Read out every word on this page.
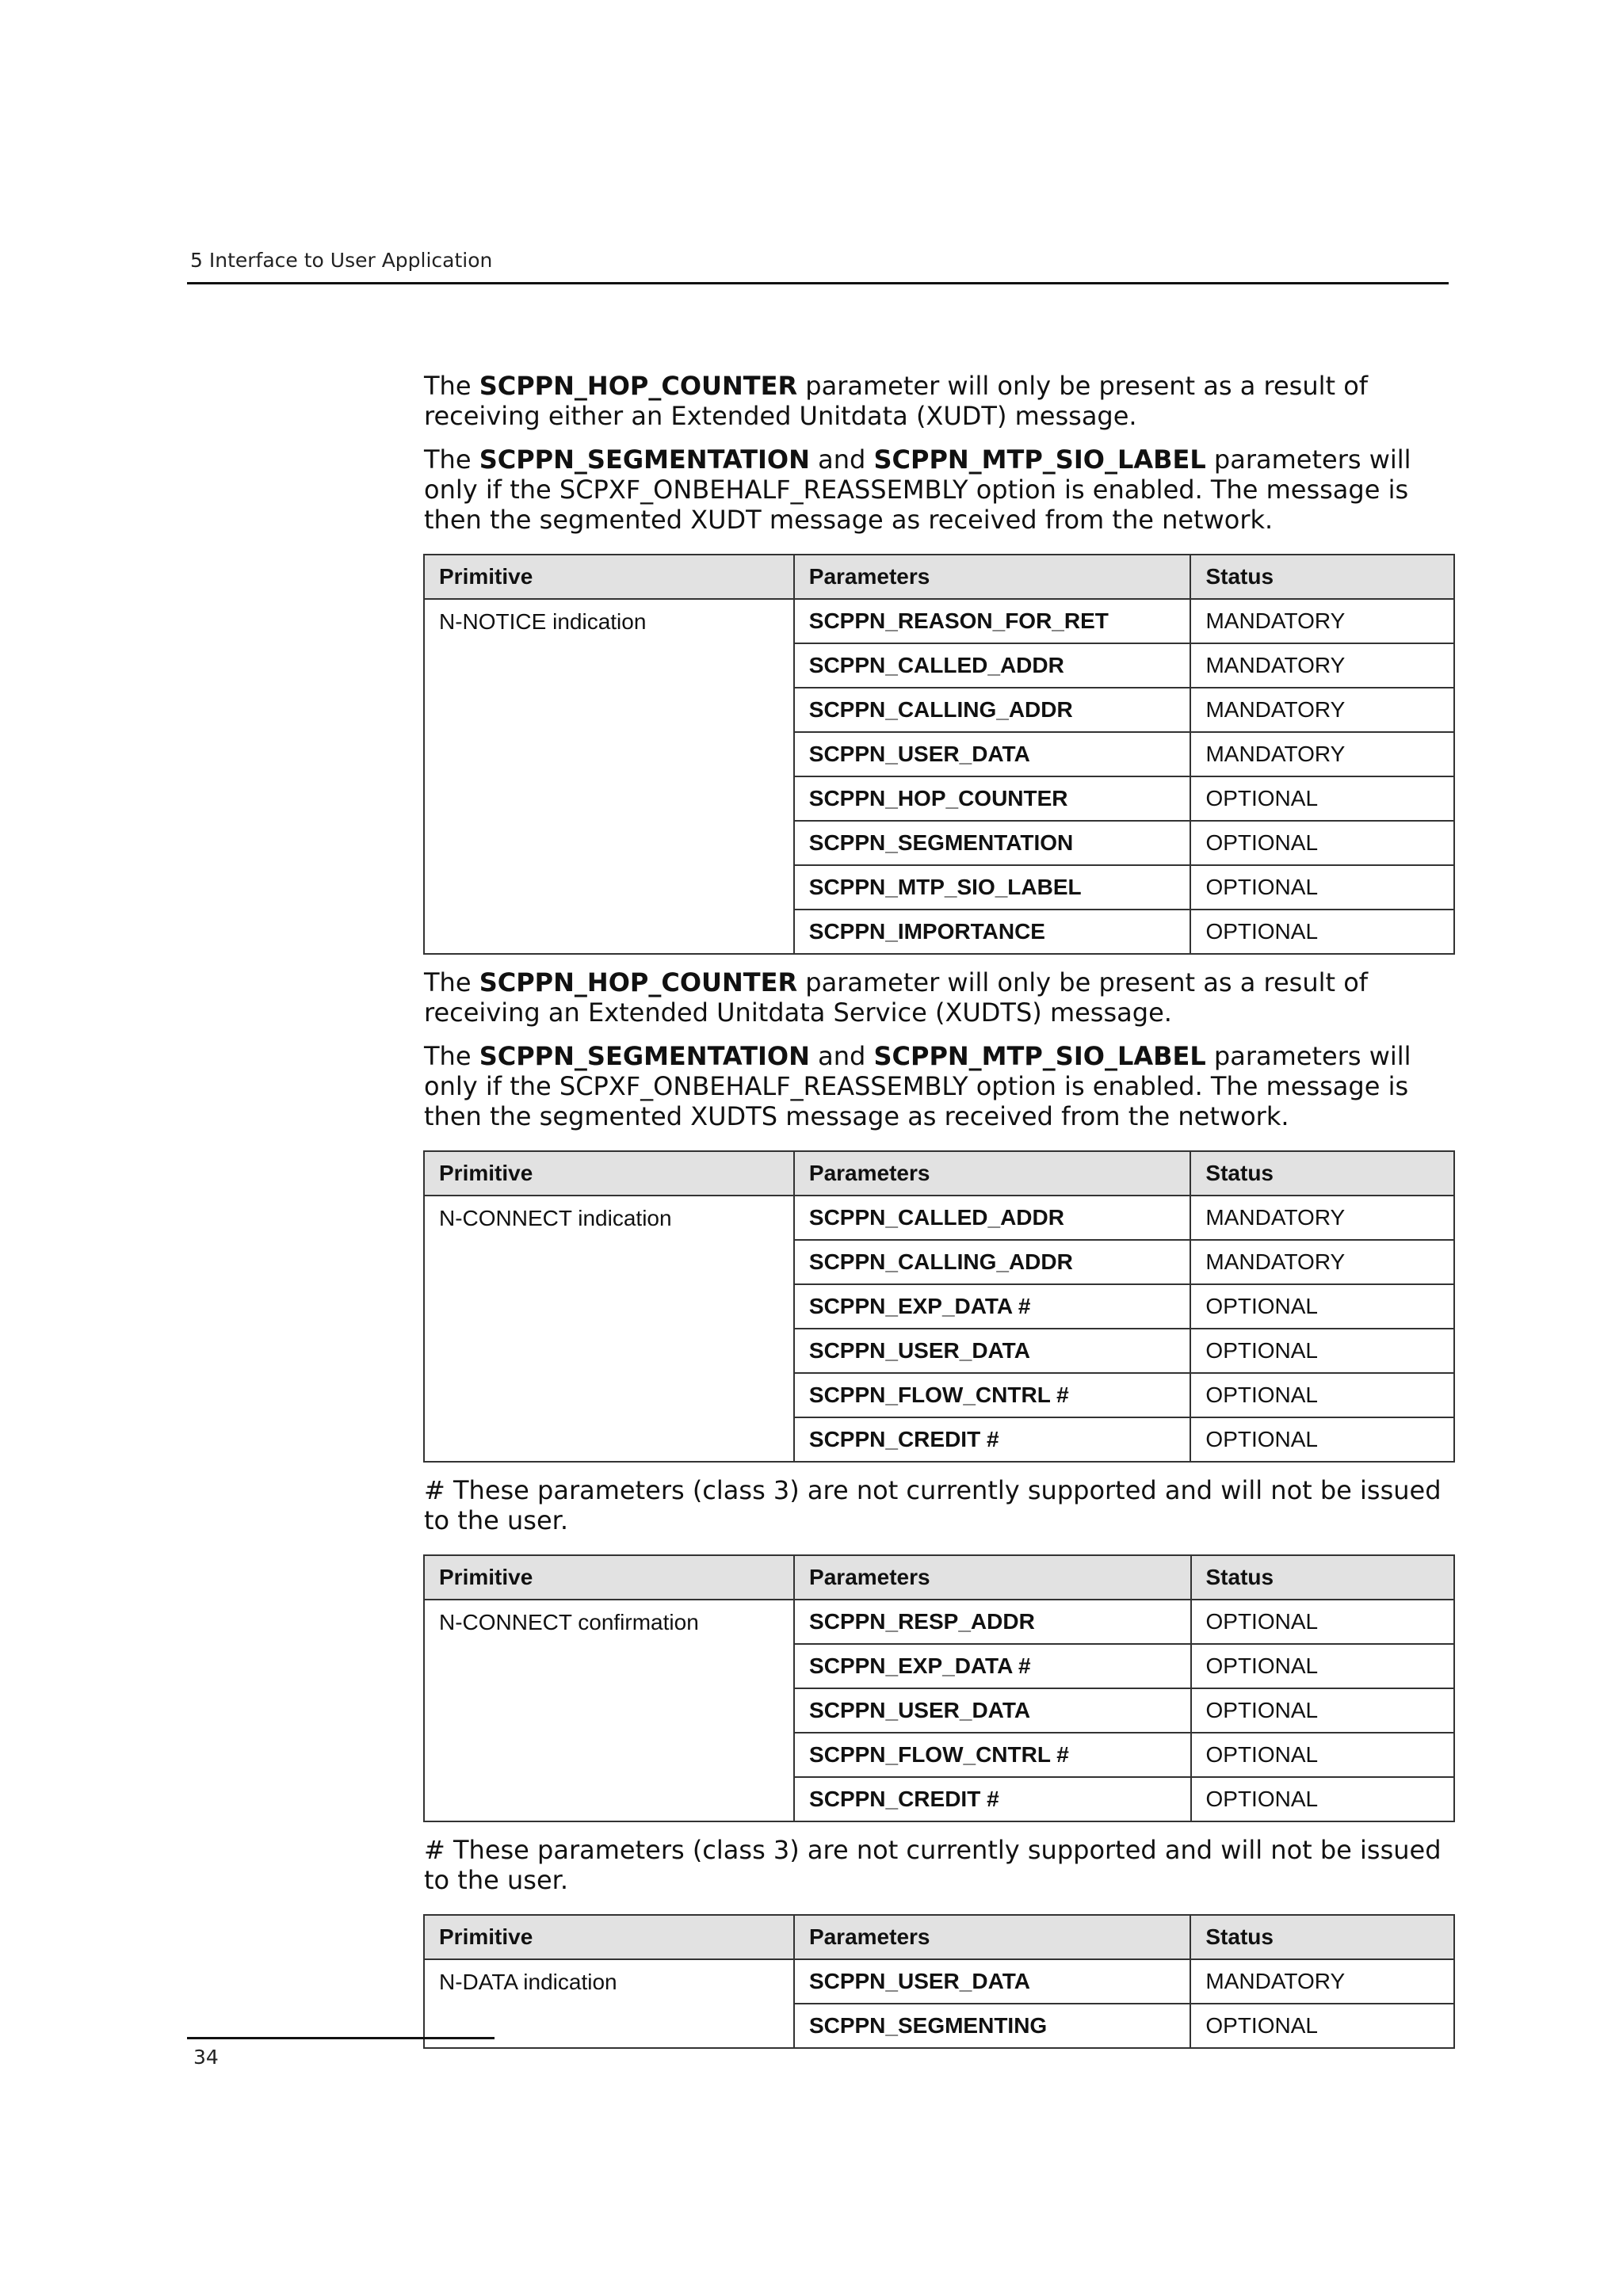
5 Interface to User Application

The SCPPN_HOP_COUNTER parameter will only be present as a result of receiving either an Extended Unitdata (XUDT) message.

The SCPPN_SEGMENTATION and SCPPN_MTP_SIO_LABEL parameters will only if the SCPXF_ONBEHALF_REASSEMBLY option is enabled. The message is then the segmented XUDT message as received from the network.

Primitive	Parameters	Status
N-NOTICE indication	SCPPN_REASON_FOR_RET	MANDATORY
	SCPPN_CALLED_ADDR	MANDATORY
	SCPPN_CALLING_ADDR	MANDATORY
	SCPPN_USER_DATA	MANDATORY
	SCPPN_HOP_COUNTER	OPTIONAL
	SCPPN_SEGMENTATION	OPTIONAL
	SCPPN_MTP_SIO_LABEL	OPTIONAL
	SCPPN_IMPORTANCE	OPTIONAL

The SCPPN_HOP_COUNTER parameter will only be present as a result of receiving an Extended Unitdata Service (XUDTS) message.

The SCPPN_SEGMENTATION and SCPPN_MTP_SIO_LABEL parameters will only if the SCPXF_ONBEHALF_REASSEMBLY option is enabled. The message is then the segmented XUDTS message as received from the network.

Primitive	Parameters	Status
N-CONNECT indication	SCPPN_CALLED_ADDR	MANDATORY
	SCPPN_CALLING_ADDR	MANDATORY
	SCPPN_EXP_DATA #	OPTIONAL
	SCPPN_USER_DATA	OPTIONAL
	SCPPN_FLOW_CNTRL #	OPTIONAL
	SCPPN_CREDIT #	OPTIONAL

# These parameters (class 3) are not currently supported and will not be issued to the user.

Primitive	Parameters	Status
N-CONNECT confirmation	SCPPN_RESP_ADDR	OPTIONAL
	SCPPN_EXP_DATA #	OPTIONAL
	SCPPN_USER_DATA	OPTIONAL
	SCPPN_FLOW_CNTRL #	OPTIONAL
	SCPPN_CREDIT #	OPTIONAL

# These parameters (class 3) are not currently supported and will not be issued to the user.

Primitive	Parameters	Status
N-DATA indication	SCPPN_USER_DATA	MANDATORY
	SCPPN_SEGMENTING	OPTIONAL
34
